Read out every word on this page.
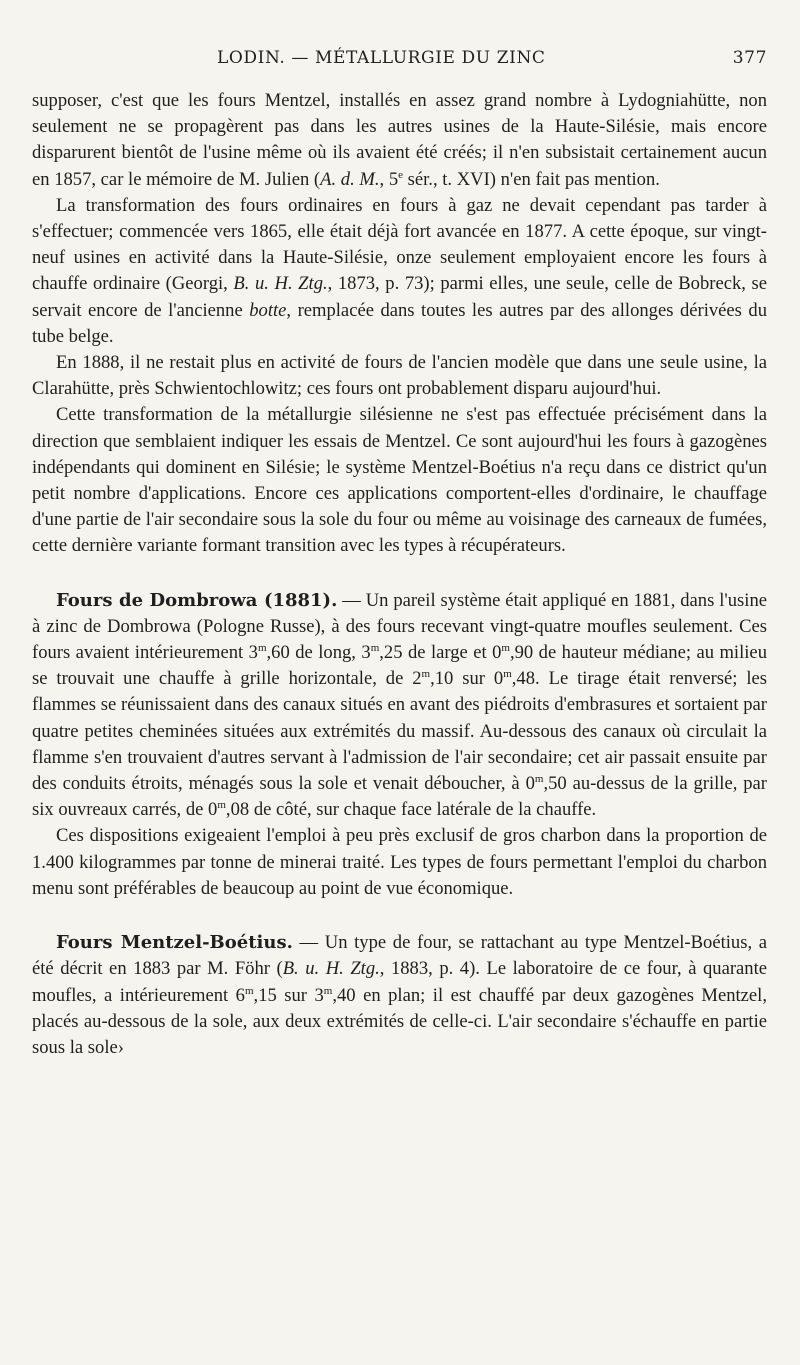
LODIN. — MÉTALLURGIE DU ZINC	377

supposer, c'est que les fours Mentzel, installés en assez grand nombre à Lydogniahütte, non seulement ne se propagèrent pas dans les autres usines de la Haute-Silésie, mais encore disparurent bientôt de l'usine même où ils avaient été créés; il n'en subsistait certainement aucun en 1857, car le mémoire de M. Julien (A. d. M., 5e sér., t. XVI) n'en fait pas mention.

La transformation des fours ordinaires en fours à gaz ne devait cependant pas tarder à s'effectuer; commencée vers 1865, elle était déjà fort avancée en 1877. A cette époque, sur vingt-neuf usines en activité dans la Haute-Silésie, onze seulement employaient encore les fours à chauffe ordinaire (Georgi, B. u. H. Ztg., 1873, p. 73); parmi elles, une seule, celle de Bobreck, se servait encore de l'ancienne botte, remplacée dans toutes les autres par des allonges dérivées du tube belge.

En 1888, il ne restait plus en activité de fours de l'ancien modèle que dans une seule usine, la Clarahütte, près Schwientochlowitz; ces fours ont probablement disparu aujourd'hui.

Cette transformation de la métallurgie silésienne ne s'est pas effectuée précisément dans la direction que semblaient indiquer les essais de Mentzel. Ce sont aujourd'hui les fours à gazogènes indépendants qui dominent en Silésie; le système Mentzel-Boétius n'a reçu dans ce district qu'un petit nombre d'applications. Encore ces applications comportent-elles d'ordinaire, le chauffage d'une partie de l'air secondaire sous la sole du four ou même au voisinage des carneaux de fumées, cette dernière variante formant transition avec les types à récupérateurs.

Fours de Dombrowa (1881). — Un pareil système était appliqué en 1881, dans l'usine à zinc de Dombrowa (Pologne Russe), à des fours recevant vingt-quatre moufles seulement. Ces fours avaient intérieurement 3$^m$,60 de long, 3$^m$,25 de large et 0$^m$,90 de hauteur médiane; au milieu se trouvait une chauffe à grille horizontale, de 2$^m$,10 sur 0$^m$,48. Le tirage était renversé; les flammes se réunissaient dans des canaux situés en avant des piédroits d'embrasures et sortaient par quatre petites cheminées situées aux extrémités du massif. Au-dessous des canaux où circulait la flamme s'en trouvaient d'autres servant à l'admission de l'air secondaire; cet air passait ensuite par des conduits étroits, ménagés sous la sole et venait déboucher, à 0$^m$,50 au-dessus de la grille, par six ouvreaux carrés, de 0$^m$,08 de côté, sur chaque face latérale de la chauffe.

Ces dispositions exigeaient l'emploi à peu près exclusif de gros charbon dans la proportion de 1.400 kilogrammes par tonne de minerai traité. Les types de fours permettant l'emploi du charbon menu sont préférables de beaucoup au point de vue économique.

Fours Mentzel-Boétius. — Un type de four, se rattachant au type Mentzel-Boétius, a été décrit en 1883 par M. Föhr (B. u. H. Ztg., 1883, p. 4). Le laboratoire de ce four, à quarante moufles, a intérieurement 6$^m$,15 sur 3$^m$,40 en plan; il est chauffé par deux gazogènes Mentzel, placés au-dessous de la sole, aux deux extrémités de celle-ci. L'air secondaire s'échauffe en partie sous la sole›
